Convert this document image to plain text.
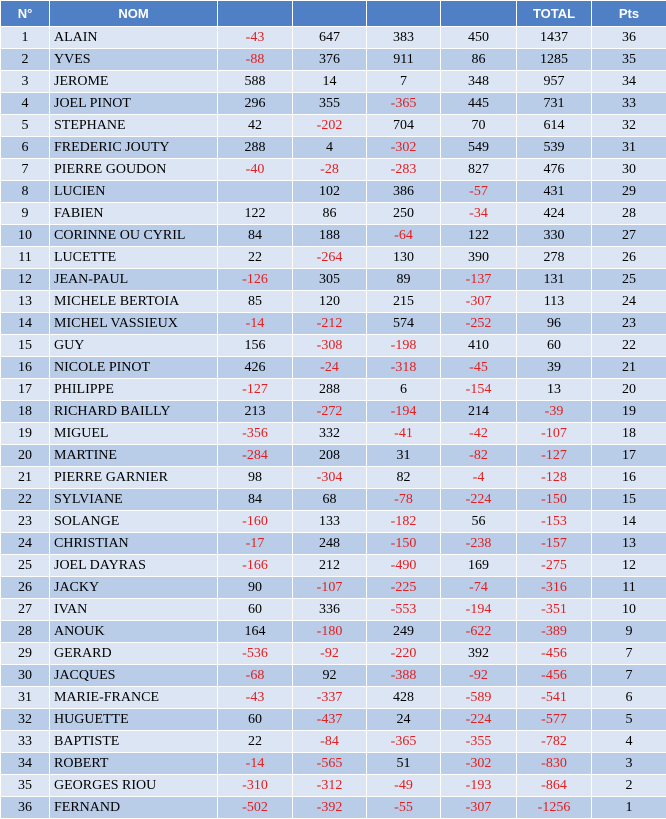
N°	NOM					TOTAL	Pts
1	ALAIN	-43	647	383	450	1437	36
2	YVES	-88	376	911	86	1285	35
3	JEROME	588	14	7	348	957	34
4	JOEL PINOT	296	355	-365	445	731	33
5	STEPHANE	42	-202	704	70	614	32
6	FREDERIC JOUTY	288	4	-302	549	539	31
7	PIERRE GOUDON	-40	-28	-283	827	476	30
8	LUCIEN		102	386	-57	431	29
9	FABIEN	122	86	250	-34	424	28
10	CORINNE OU CYRIL	84	188	-64	122	330	27
11	LUCETTE	22	-264	130	390	278	26
12	JEAN-PAUL	-126	305	89	-137	131	25
13	MICHELE BERTOIA	85	120	215	-307	113	24
14	MICHEL VASSIEUX	-14	-212	574	-252	96	23
15	GUY	156	-308	-198	410	60	22
16	NICOLE PINOT	426	-24	-318	-45	39	21
17	PHILIPPE	-127	288	6	-154	13	20
18	RICHARD BAILLY	213	-272	-194	214	-39	19
19	MIGUEL	-356	332	-41	-42	-107	18
20	MARTINE	-284	208	31	-82	-127	17
21	PIERRE GARNIER	98	-304	82	-4	-128	16
22	SYLVIANE	84	68	-78	-224	-150	15
23	SOLANGE	-160	133	-182	56	-153	14
24	CHRISTIAN	-17	248	-150	-238	-157	13
25	JOEL DAYRAS	-166	212	-490	169	-275	12
26	JACKY	90	-107	-225	-74	-316	11
27	IVAN	60	336	-553	-194	-351	10
28	ANOUK	164	-180	249	-622	-389	9
29	GERARD	-536	-92	-220	392	-456	7
30	JACQUES	-68	92	-388	-92	-456	7
31	MARIE-FRANCE	-43	-337	428	-589	-541	6
32	HUGUETTE	60	-437	24	-224	-577	5
33	BAPTISTE	22	-84	-365	-355	-782	4
34	ROBERT	-14	-565	51	-302	-830	3
35	GEORGES RIOU	-310	-312	-49	-193	-864	2
36	FERNAND	-502	-392	-55	-307	-1256	1
